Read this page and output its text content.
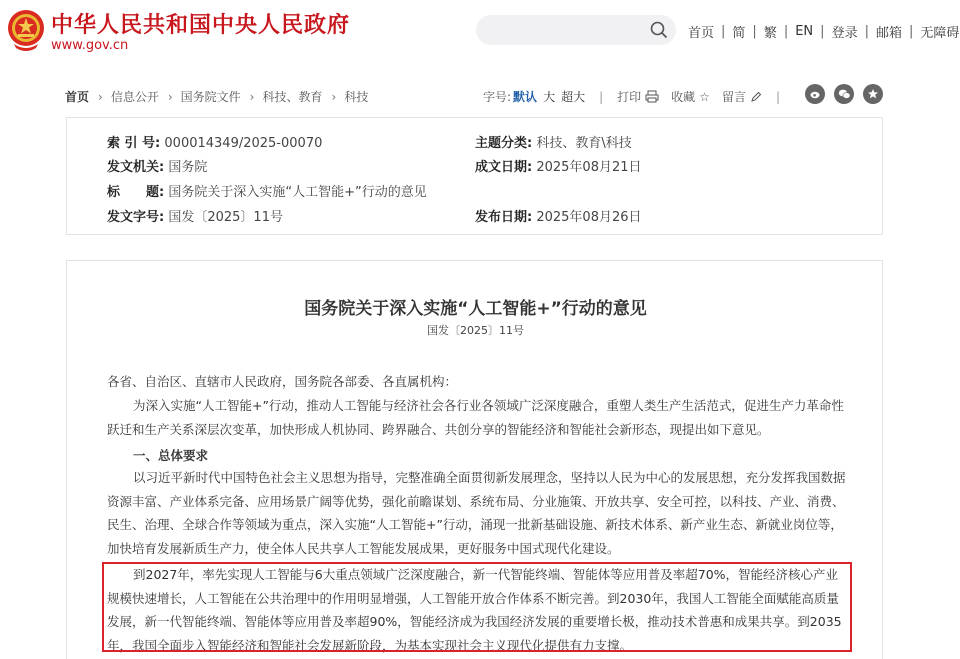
中华人民共和国中央人民政府
www.gov.cn
首页 | 简 | 繁 | EN | 登录 | 邮箱 | 无障碍
首页 › 信息公开 › 国务院文件 › 科技、教育 › 科技	字号: 默认 大 超大 | 打印	收藏 ☆ 留言	|
索 引 号: 000014349/2025-00070	主题分类: 科技、教育\科技
发文机关: 国务院	成文日期: 2025年08月21日
标　　题: 国务院关于深入实施“人工智能+”行动的意见
发文字号: 国发〔2025〕11号	发布日期: 2025年08月26日
国务院关于深入实施“人工智能+”行动的意见
国发〔2025〕11号
各省、自治区、直辖市人民政府，国务院各部委、各直属机构：
为深入实施“人工智能+”行动，推动人工智能与经济社会各行业各领域广泛深度融合，重塑人类生产生活范式，促进生产力革命性跃迁和生产关系深层次变革，加快形成人机协同、跨界融合、共创分享的智能经济和智能社会新形态，现提出如下意见。
一、总体要求
以习近平新时代中国特色社会主义思想为指导，完整准确全面贯彻新发展理念，坚持以人民为中心的发展思想，充分发挥我国数据资源丰富、产业体系完备、应用场景广阔等优势，强化前瞻谋划、系统布局、分业施策、开放共享、安全可控，以科技、产业、消费、民生、治理、全球合作等领域为重点，深入实施“人工智能+”行动，涌现一批新基础设施、新技术体系、新产业生态、新就业岗位等，加快培育发展新质生产力，使全体人民共享人工智能发展成果，更好服务中国式现代化建设。
到2027年，率先实现人工智能与6大重点领域广泛深度融合，新一代智能终端、智能体等应用普及率超70%，智能经济核心产业规模快速增长，人工智能在公共治理中的作用明显增强，人工智能开放合作体系不断完善。到2030年，我国人工智能全面赋能高质量发展，新一代智能终端、智能体等应用普及率超90%，智能经济成为我国经济发展的重要增长极，推动技术普惠和成果共享。到2035年，我国全面步入智能经济和智能社会发展新阶段，为基本实现社会主义现代化提供有力支撑。
